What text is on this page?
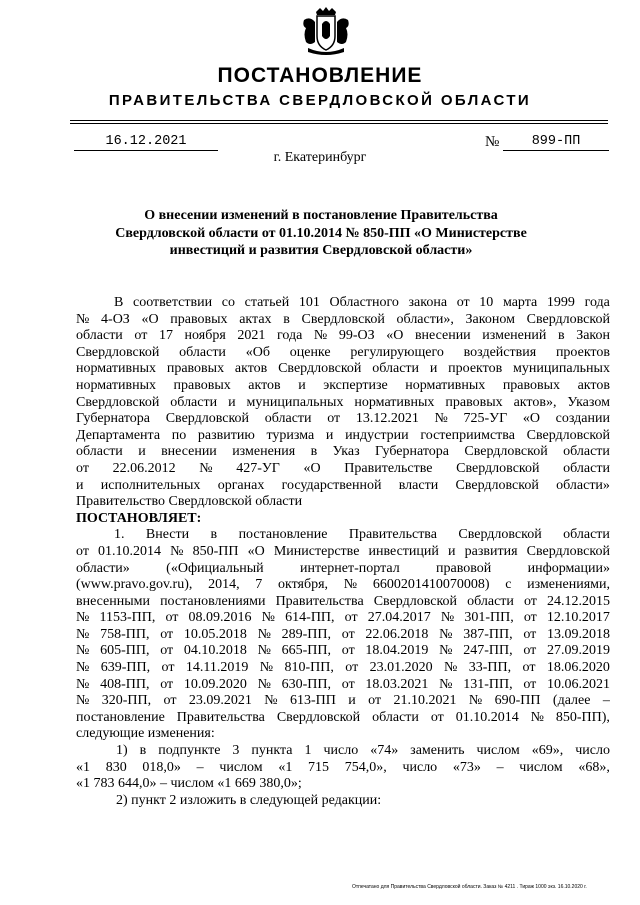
ПОСТАНОВЛЕНИЕ
ПРАВИТЕЛЬСТВА СВЕРДЛОВСКОЙ ОБЛАСТИ
16.12.2021	№	899-ПП
г. Екатеринбург
О внесении изменений в постановление Правительства Свердловской области от 01.10.2014 № 850-ПП «О Министерстве инвестиций и развития Свердловской области»
В соответствии со статьей 101 Областного закона от 10 марта 1999 года
№ 4-ОЗ «О правовых актах в Свердловской области», Законом Свердловской
области от 17 ноября 2021 года № 99-ОЗ «О внесении изменений в Закон
Свердловской области «Об оценке регулирующего воздействия проектов
нормативных правовых актов Свердловской области и проектов муниципальных
нормативных правовых актов и экспертизе нормативных правовых актов
Свердловской области и муниципальных нормативных правовых актов», Указом
Губернатора Свердловской области от 13.12.2021 № 725-УГ «О создании
Департамента по развитию туризма и индустрии гостеприимства Свердловской
области и внесении изменения в Указ Губернатора Свердловской области
от 22.06.2012 № 427-УГ «О Правительстве Свердловской области
и исполнительных органах государственной власти Свердловской области»
Правительство Свердловской области
ПОСТАНОВЛЯЕТ:
1. Внести в постановление Правительства Свердловской области
от 01.10.2014 № 850-ПП «О Министерстве инвестиций и развития Свердловской
области»	(«Официальный	интернет-портал	правовой	информации»
(www.pravo.gov.ru), 2014, 7 октября, № 6600201410070008) с изменениями,
внесенными постановлениями Правительства Свердловской области от 24.12.2015
№ 1153-ПП, от 08.09.2016 № 614-ПП, от 27.04.2017 № 301-ПП, от 12.10.2017
№ 758-ПП, от 10.05.2018 № 289-ПП, от 22.06.2018 № 387-ПП, от 13.09.2018
№ 605-ПП, от 04.10.2018 № 665-ПП, от 18.04.2019 № 247-ПП, от 27.09.2019
№ 639-ПП, от 14.11.2019 № 810-ПП, от 23.01.2020 № 33-ПП, от 18.06.2020
№ 408-ПП, от 10.09.2020 № 630-ПП, от 18.03.2021 № 131-ПП, от 10.06.2021
№ 320-ПП, от 23.09.2021 № 613-ПП и от 21.10.2021 № 690-ПП (далее –
постановление Правительства Свердловской области от 01.10.2014 № 850-ПП),
следующие изменения:
1) в подпункте 3 пункта 1 число «74» заменить числом «69», число
«1 830 018,0» – числом «1 715 754,0», число «73» – числом «68»,
«1 783 644,0» – числом «1 669 380,0»;
2) пункт 2 изложить в следующей редакции:
Отпечатано для Правительства Свердловской области. Заказ № 4211 . Тираж 1000 экз. 16.10.2020 г.
